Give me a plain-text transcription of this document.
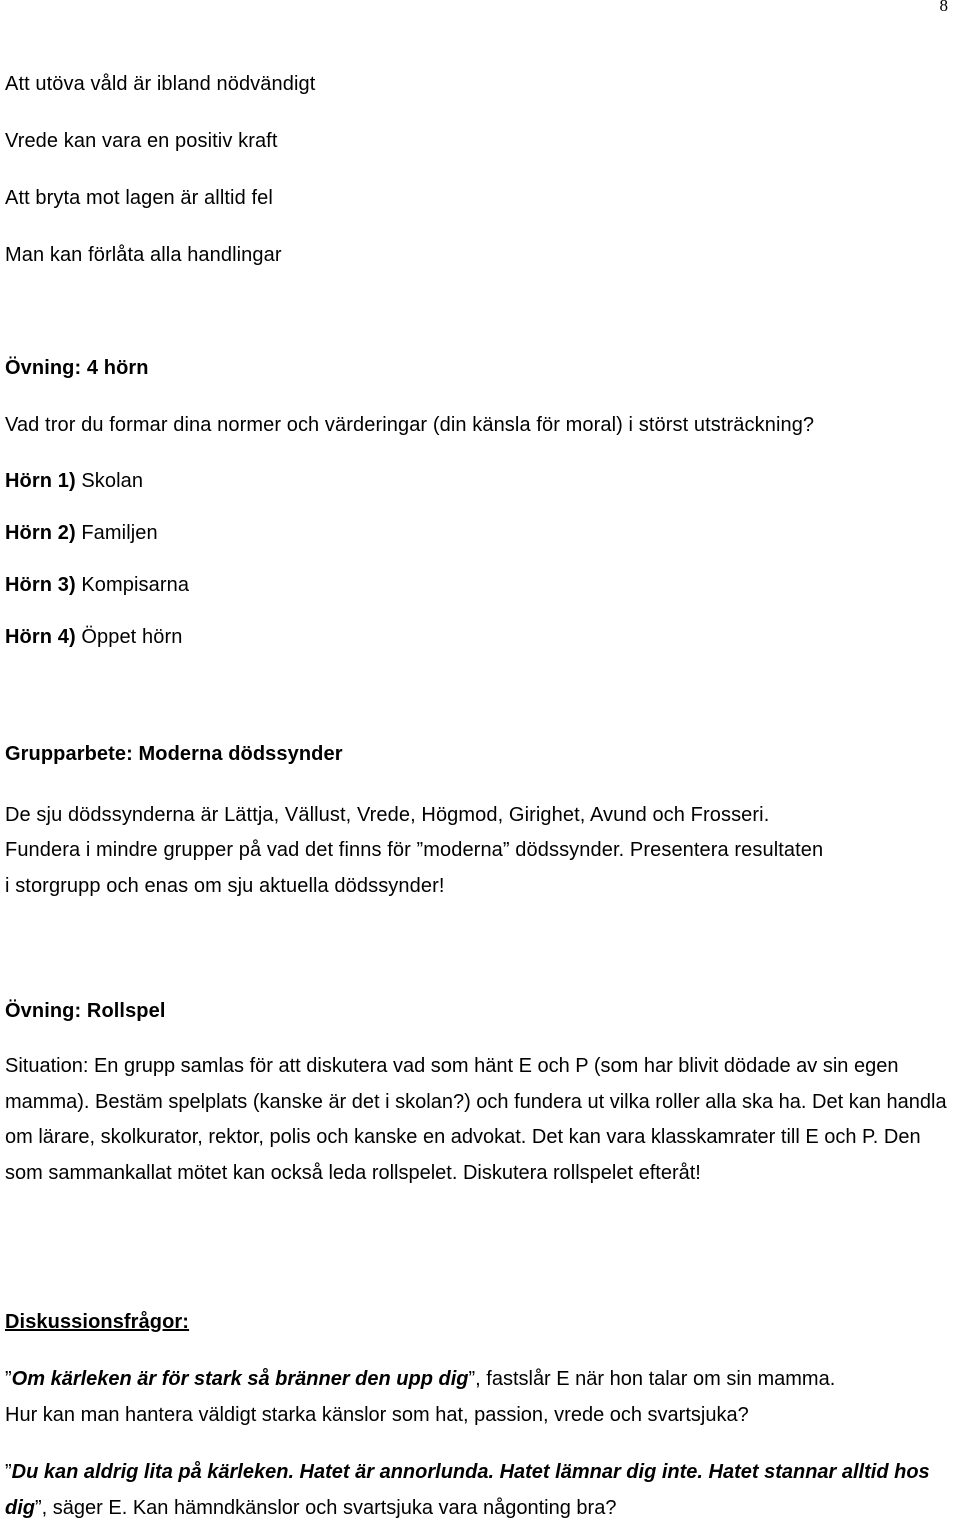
8
Att utöva våld är ibland nödvändigt
Vrede kan vara en positiv kraft
Att bryta mot lagen är alltid fel
Man kan förlåta alla handlingar
Övning: 4 hörn
Vad tror du formar dina normer och värderingar (din känsla för moral) i störst utsträckning?
Hörn 1) Skolan
Hörn 2) Familjen
Hörn 3) Kompisarna
Hörn 4) Öppet hörn
Grupparbete: Moderna dödssynder
De sju dödssynderna är Lättja, Vällust, Vrede, Högmod, Girighet, Avund och Frosseri.
Fundera i mindre grupper på vad det finns för ”moderna” dödssynder. Presentera resultaten
i storgrupp och enas om sju aktuella dödssynder!
Övning: Rollspel
Situation: En grupp samlas för att diskutera vad som hänt E och P (som har blivit dödade av sin egen mamma). Bestäm spelplats (kanske är det i skolan?) och fundera ut vilka roller alla ska ha. Det kan handla om lärare, skolkurator, rektor, polis och kanske en advokat. Det kan vara klasskamrater till E och P. Den som sammankallat mötet kan också leda rollspelet. Diskutera rollspelet efteråt!
Diskussionsfrågor:
”Om kärleken är för stark så bränner den upp dig”, fastslår E när hon talar om sin mamma.
Hur kan man hantera väldigt starka känslor som hat, passion, vrede och svartsjuka?
”Du kan aldrig lita på kärleken. Hatet är annorlunda. Hatet lämnar dig inte. Hatet stannar alltid hos dig”, säger E. Kan hämndkänslor och svartsjuka vara någonting bra?
